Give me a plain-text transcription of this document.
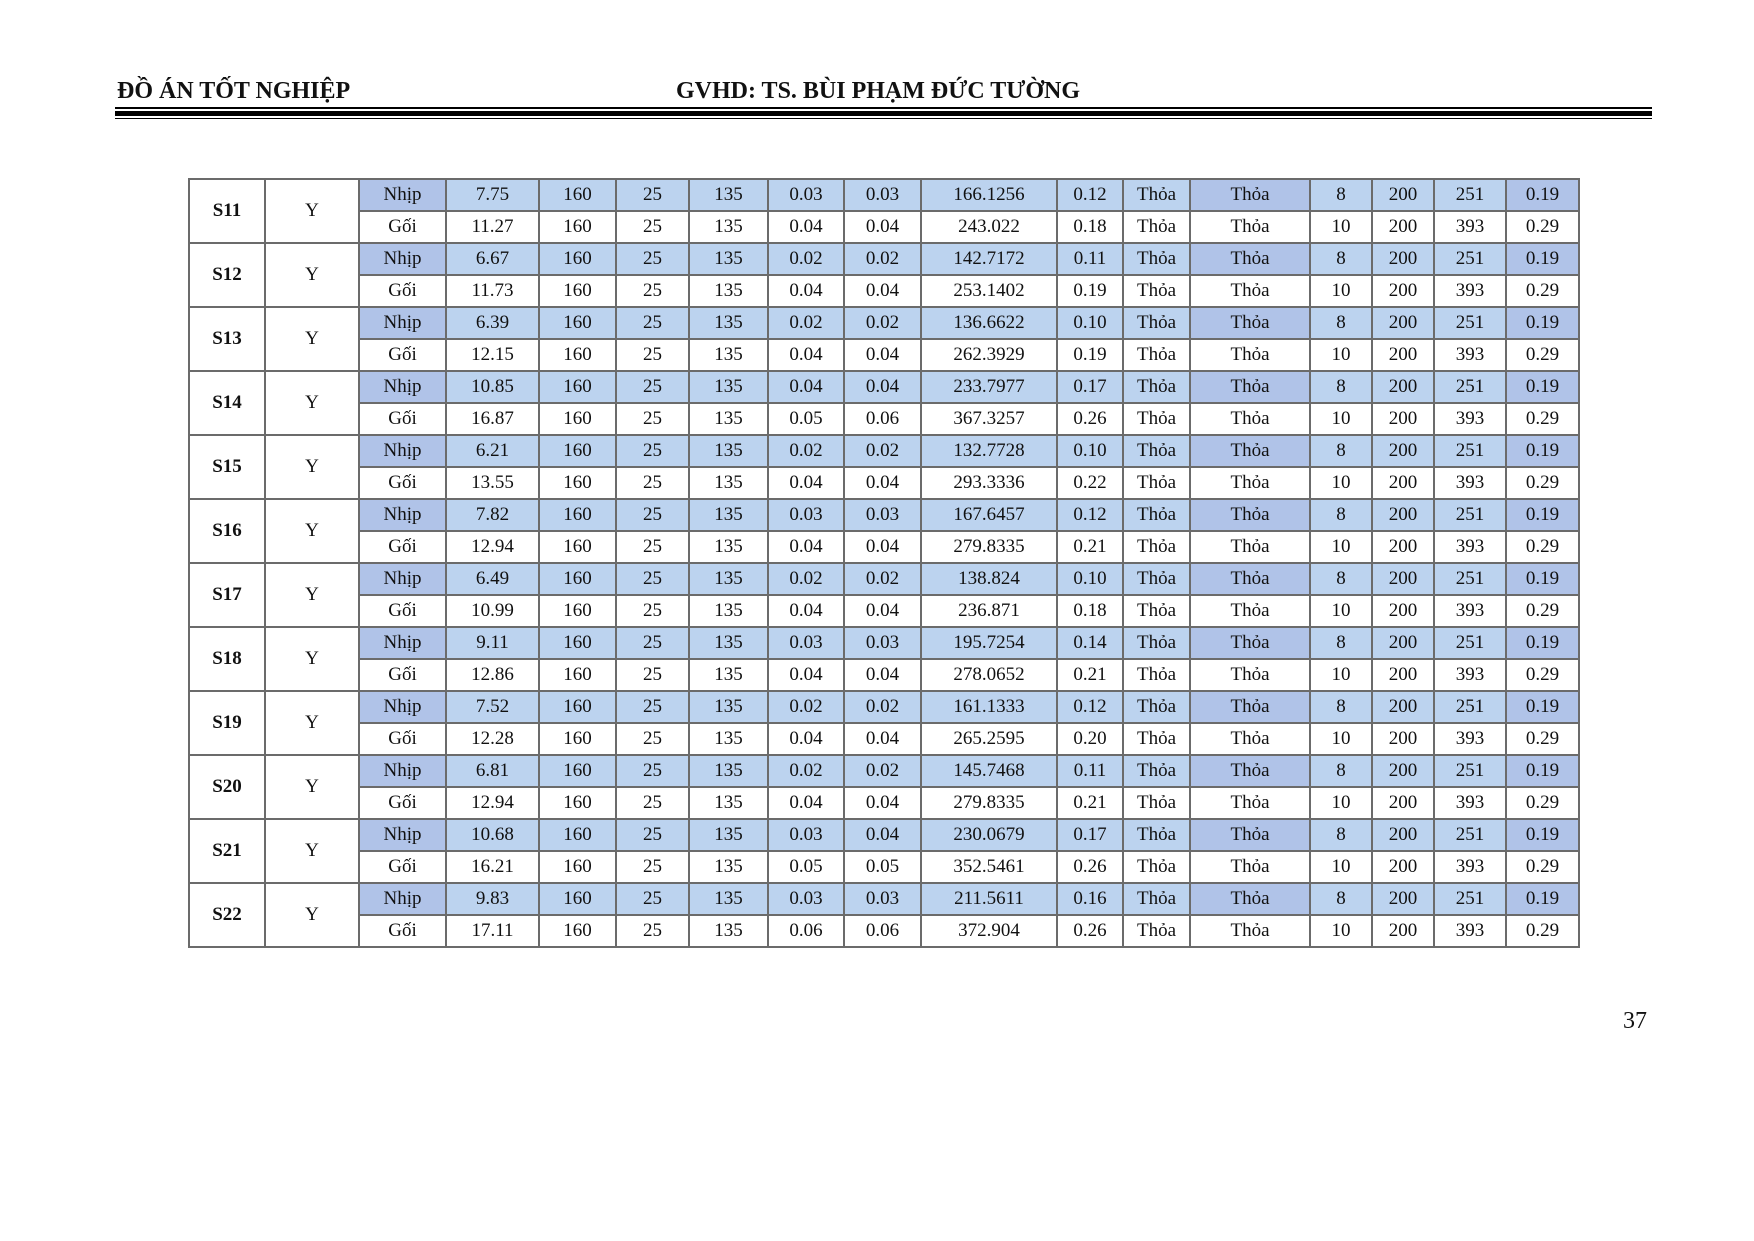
ĐỒ ÁN TỐT NGHIỆP	GVHD: TS. BÙI PHẠM ĐỨC TƯỜNG
S11	Y	Nhịp	7.75	160	25	135	0.03	0.03	166.1256	0.12	Thỏa	Thỏa	8	200	251	0.19
		Gối	11.27	160	25	135	0.04	0.04	243.022	0.18	Thỏa	Thỏa	10	200	393	0.29
S12	Y	Nhịp	6.67	160	25	135	0.02	0.02	142.7172	0.11	Thỏa	Thỏa	8	200	251	0.19
		Gối	11.73	160	25	135	0.04	0.04	253.1402	0.19	Thỏa	Thỏa	10	200	393	0.29
S13	Y	Nhịp	6.39	160	25	135	0.02	0.02	136.6622	0.10	Thỏa	Thỏa	8	200	251	0.19
		Gối	12.15	160	25	135	0.04	0.04	262.3929	0.19	Thỏa	Thỏa	10	200	393	0.29
S14	Y	Nhịp	10.85	160	25	135	0.04	0.04	233.7977	0.17	Thỏa	Thỏa	8	200	251	0.19
		Gối	16.87	160	25	135	0.05	0.06	367.3257	0.26	Thỏa	Thỏa	10	200	393	0.29
S15	Y	Nhịp	6.21	160	25	135	0.02	0.02	132.7728	0.10	Thỏa	Thỏa	8	200	251	0.19
		Gối	13.55	160	25	135	0.04	0.04	293.3336	0.22	Thỏa	Thỏa	10	200	393	0.29
S16	Y	Nhịp	7.82	160	25	135	0.03	0.03	167.6457	0.12	Thỏa	Thỏa	8	200	251	0.19
		Gối	12.94	160	25	135	0.04	0.04	279.8335	0.21	Thỏa	Thỏa	10	200	393	0.29
S17	Y	Nhịp	6.49	160	25	135	0.02	0.02	138.824	0.10	Thỏa	Thỏa	8	200	251	0.19
		Gối	10.99	160	25	135	0.04	0.04	236.871	0.18	Thỏa	Thỏa	10	200	393	0.29
S18	Y	Nhịp	9.11	160	25	135	0.03	0.03	195.7254	0.14	Thỏa	Thỏa	8	200	251	0.19
		Gối	12.86	160	25	135	0.04	0.04	278.0652	0.21	Thỏa	Thỏa	10	200	393	0.29
S19	Y	Nhịp	7.52	160	25	135	0.02	0.02	161.1333	0.12	Thỏa	Thỏa	8	200	251	0.19
		Gối	12.28	160	25	135	0.04	0.04	265.2595	0.20	Thỏa	Thỏa	10	200	393	0.29
S20	Y	Nhịp	6.81	160	25	135	0.02	0.02	145.7468	0.11	Thỏa	Thỏa	8	200	251	0.19
		Gối	12.94	160	25	135	0.04	0.04	279.8335	0.21	Thỏa	Thỏa	10	200	393	0.29
S21	Y	Nhịp	10.68	160	25	135	0.03	0.04	230.0679	0.17	Thỏa	Thỏa	8	200	251	0.19
		Gối	16.21	160	25	135	0.05	0.05	352.5461	0.26	Thỏa	Thỏa	10	200	393	0.29
S22	Y	Nhịp	9.83	160	25	135	0.03	0.03	211.5611	0.16	Thỏa	Thỏa	8	200	251	0.19
		Gối	17.11	160	25	135	0.06	0.06	372.904	0.26	Thỏa	Thỏa	10	200	393	0.29
37
